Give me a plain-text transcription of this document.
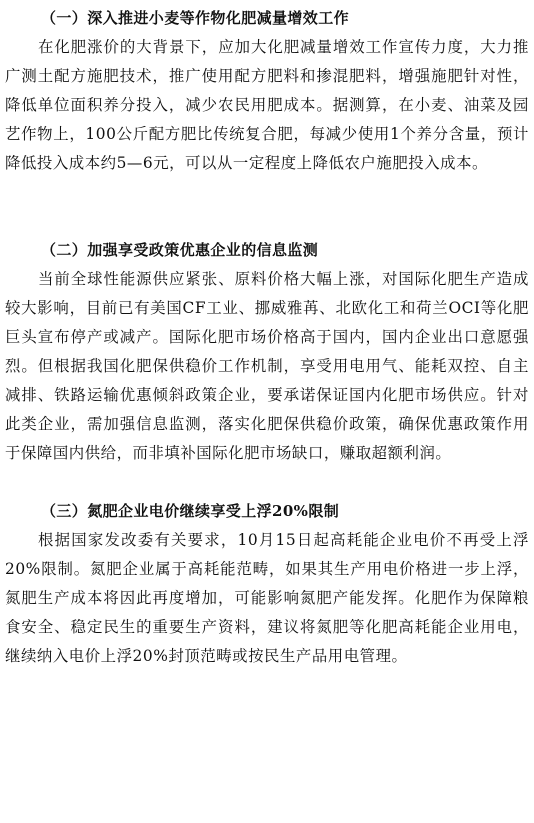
（一）深入推进小麦等作物化肥减量增效工作

在化肥涨价的大背景下，应加大化肥减量增效工作宣传力度，大力推广测土配方施肥技术，推广使用配方肥料和掺混肥料，增强施肥针对性，降低单位面积养分投入，减少农民用肥成本。据测算，在小麦、油菜及园艺作物上，100公斤配方肥比传统复合肥，每减少使用1个养分含量，预计降低投入成本约5—6元，可以从一定程度上降低农户施肥投入成本。

（二）加强享受政策优惠企业的信息监测

当前全球性能源供应紧张、原料价格大幅上涨，对国际化肥生产造成较大影响，目前已有美国CF工业、挪威雅苒、北欧化工和荷兰OCI等化肥巨头宣布停产或减产。国际化肥市场价格高于国内，国内企业出口意愿强烈。但根据我国化肥保供稳价工作机制，享受用电用气、能耗双控、自主减排、铁路运输优惠倾斜政策企业，要承诺保证国内化肥市场供应。针对此类企业，需加强信息监测，落实化肥保供稳价政策，确保优惠政策作用于保障国内供给，而非填补国际化肥市场缺口，赚取超额利润。

（三）氮肥企业电价继续享受上浮20%限制

根据国家发改委有关要求，10月15日起高耗能企业电价不再受上浮20%限制。氮肥企业属于高耗能范畴，如果其生产用电价格进一步上浮，氮肥生产成本将因此再度增加，可能影响氮肥产能发挥。化肥作为保障粮食安全、稳定民生的重要生产资料，建议将氮肥等化肥高耗能企业用电，继续纳入电价上浮20%封顶范畴或按民生产品用电管理。
